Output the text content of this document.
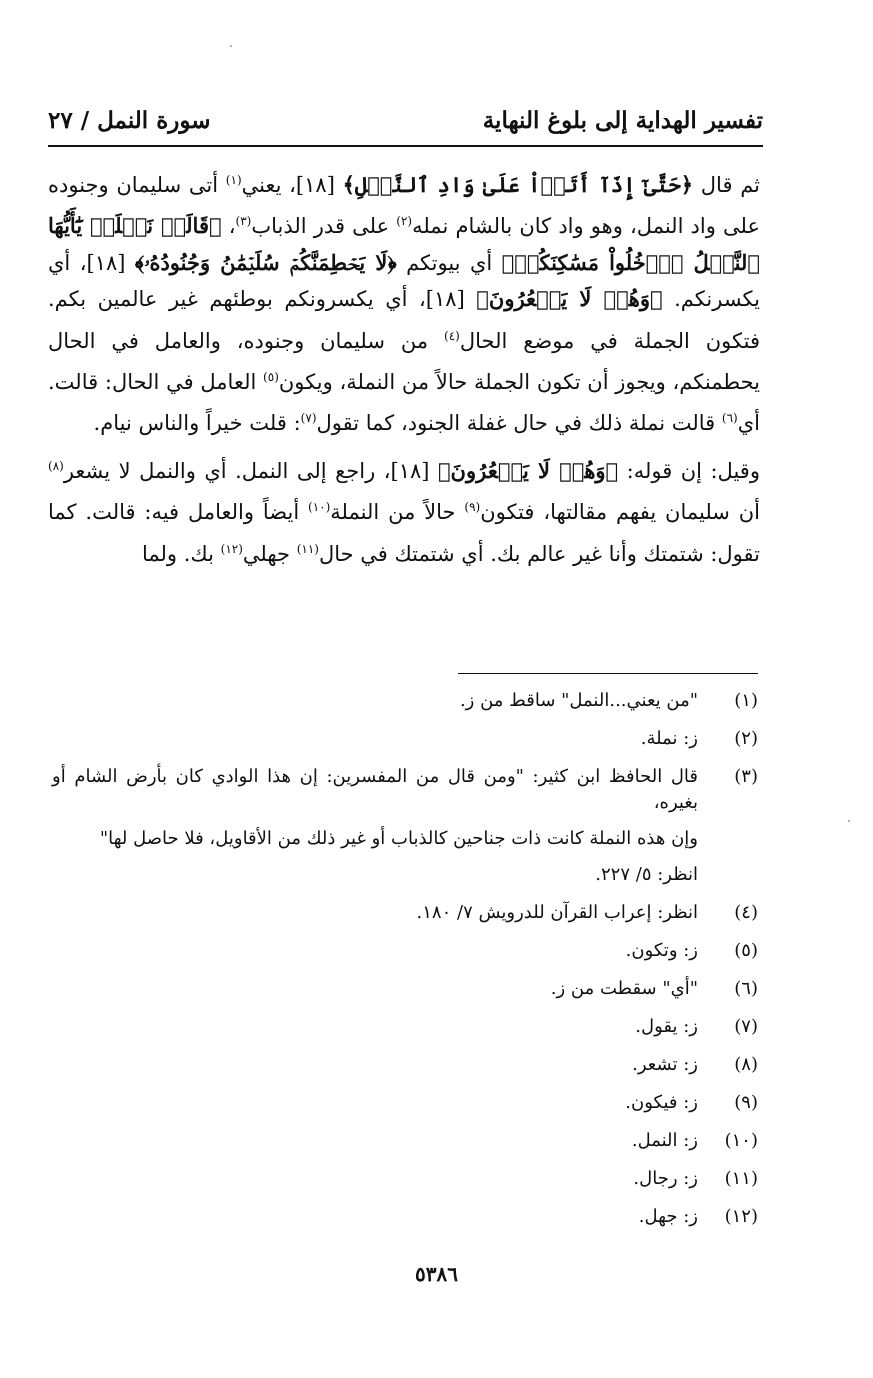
تفسير الهداية إلى بلوغ النهاية
سورة النمل / ٢٧

ثم قال ﴿حَتَّىٰٓ إِذَآ أَتَوۡاْ عَلَىٰ وَادِ ٱلنَّمۡلِ﴾ [١٨]، يعني$^{(١)}$ أتى سليمان وجنوده على واد النمل، وهو واد كان بالشام نمله$^{(٢)}$ على قدر الذباب$^{(٣)}$، ﴿قَالَتۡ نَمۡلَةٞ يَٰٓأَيُّهَا ٱلنَّمۡلُ ٱدۡخُلُواْ مَسَٰكِنَكُمۡ﴾ أي بيوتكم ﴿لَا يَحۡطِمَنَّكُمۡ سُلَيۡمَٰنُ وَجُنُودُهُۥ﴾ [١٨]، أي يكسرنكم. ﴿وَهُمۡ لَا يَشۡعُرُونَ﴾ [١٨]، أي يكسرونكم بوطئهم غير عالمين بكم. فتكون الجملة في موضع الحال$^{(٤)}$ من سليمان وجنوده، والعامل في الحال يحطمنكم، ويجوز أن تكون الجملة حالاً من النملة، ويكون$^{(٥)}$ العامل في الحال: قالت. أي$^{(٦)}$ قالت نملة ذلك في حال غفلة الجنود، كما تقول$^{(٧)}$: قلت خيراً والناس نيام.

وقيل: إن قوله: ﴿وَهُمۡ لَا يَشۡعُرُونَ﴾ [١٨]، راجع إلى النمل. أي والنمل لا يشعر$^{(٨)}$ أن سليمان يفهم مقالتها، فتكون$^{(٩)}$ حالاً من النملة$^{(١٠)}$ أيضاً والعامل فيه: قالت. كما تقول: شتمتك وأنا غير عالم بك. أي شتمتك في حال$^{(١١)}$ جهلي$^{(١٢)}$ بك. ولما

(١)
"من يعني...النمل" ساقط من ز.
(٢)
ز: نملة.
(٣)
قال الحافظ ابن كثير: "ومن قال من المفسرين: إن هذا الوادي كان بأرض الشام أو بغيره،
وإن هذه النملة كانت ذات جناحين كالذباب أو غير ذلك من الأقاويل، فلا حاصل لها"
انظر: ٥/ ٢٢٧.
(٤)
انظر: إعراب القرآن للدرويش ٧/ ١٨٠.
(٥)
ز: وتكون.
(٦)
"أي" سقطت من ز.
(٧)
ز: يقول.
(٨)
ز: تشعر.
(٩)
ز: فيكون.
(١٠)
ز: النمل.
(١١)
ز: رجال.
(١٢)
ز: جهل.
٥٣٨٦
